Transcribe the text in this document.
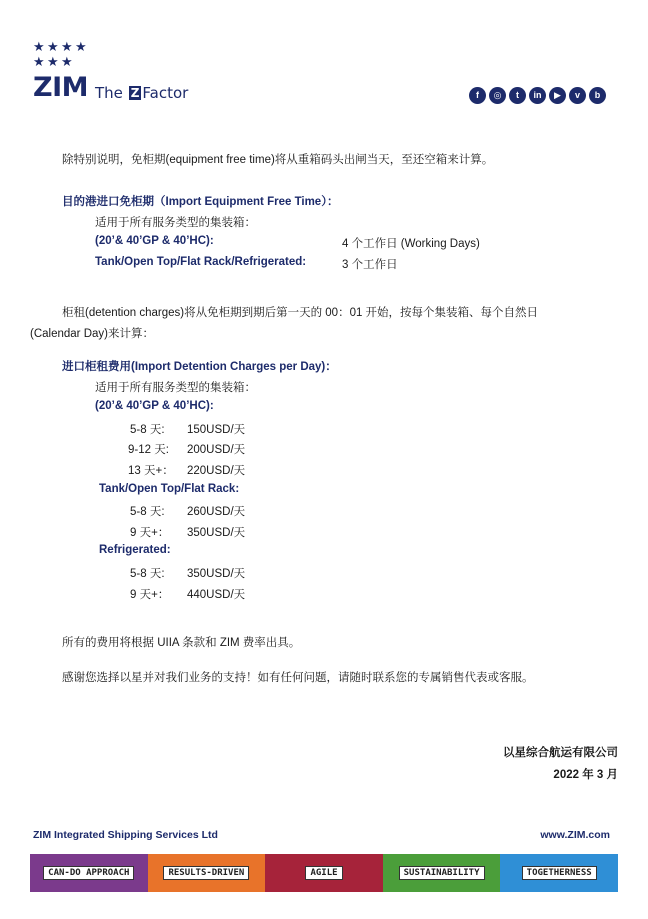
★ ★ ★ ★
★ ★ ★
ZIM The Z Factor	f	◎	t	in	▶	v	b
除特别说明，免柜期(equipment free time)将从重箱码头出闸当天，至还空箱来计算。
目的港进口免柜期（Import Equipment Free Time）：
适用于所有服务类型的集装箱：
(20’& 40’GP & 40’HC):	4 个工作日 (Working Days)
Tank/Open Top/Flat Rack/Refrigerated:	3 个工作日
柜租(detention charges)将从免柜期到期后第一天的 00：01 开始，按每个集装箱、每个自然日
(Calendar Day)来计算：
进口柜租费用(Import Detention Charges per Day)：
适用于所有服务类型的集装箱：
(20’& 40’GP & 40’HC):
5-8 天: 150USD/天
9-12 天: 200USD/天
13 天+： 220USD/天
Tank/Open Top/Flat Rack:
5-8 天: 260USD/天
9 天+： 350USD/天
Refrigerated:
5-8 天: 350USD/天
9 天+： 440USD/天
所有的费用将根据 UIIA 条款和 ZIM 费率出具。
感谢您选择以星并对我们业务的支持！如有任何问题，请随时联系您的专属销售代表或客服。
以星综合航运有限公司
2022 年 3 月
ZIM Integrated Shipping Services Ltd	www.ZIM.com
CAN-DO APPROACH	RESULTS-DRIVEN	AGILE	SUSTAINABILITY	TOGETHERNESS
